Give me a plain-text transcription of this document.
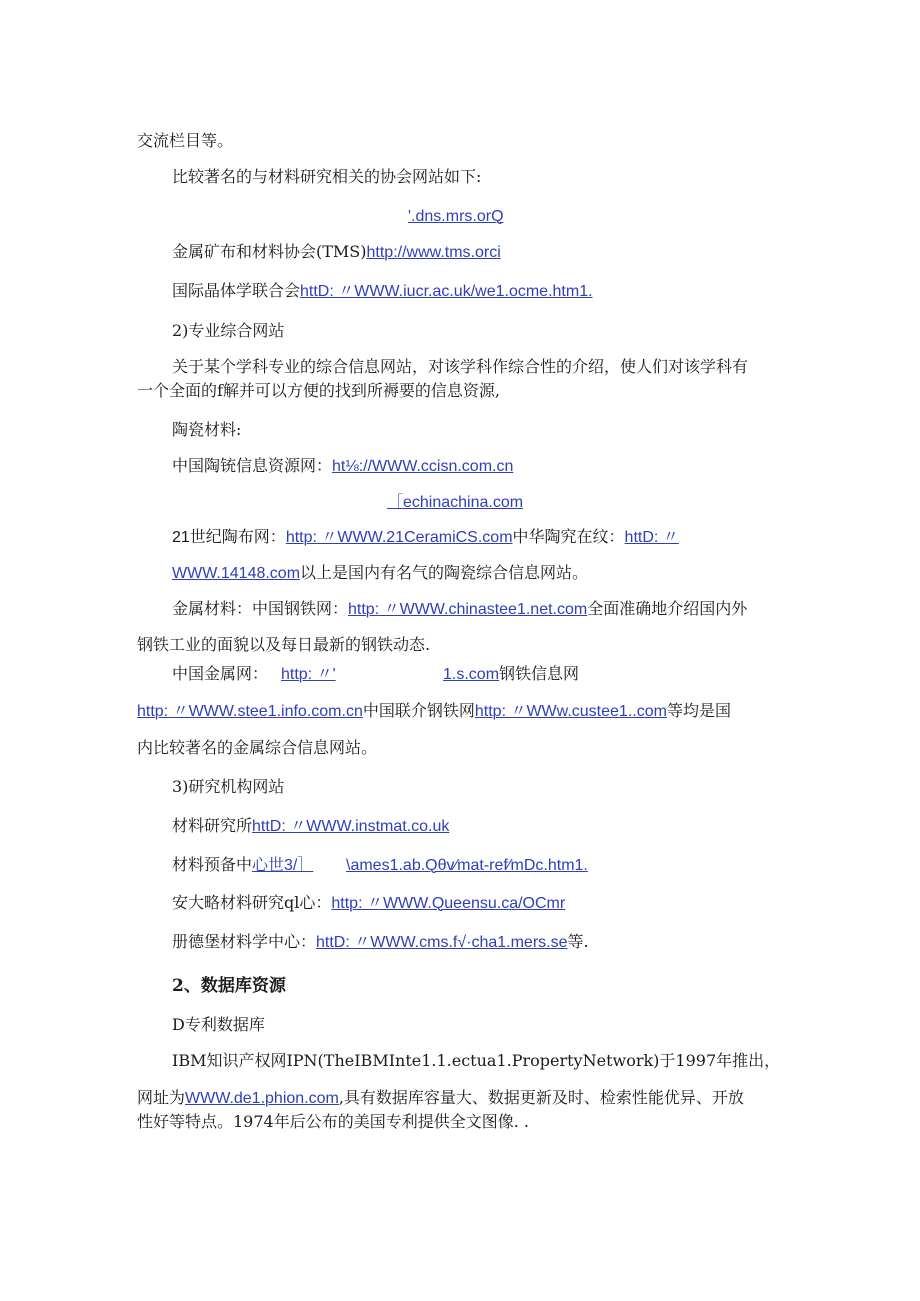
交流栏目等。
比较著名的与材料研究相关的协会网站如下:
'.dns.mrs.orQ
金属矿布和材料协会(TMS)http://www.tms.orci
国际晶体学联合会httD: 〃WWW.iucr.ac.uk/we1.ocme.htm1.
2)专业综合网站
关于某个学科专业的综合信息网站，对该学科作综合性的介绍，使人们对该学科有
一个全面的f解并可以方便的找到所褥要的信息资源,
陶瓷材料:
中国陶铳信息资源网：ht⅛://WWW.ccisn.com.cn
［echinachina.com
21世纪陶布网：http: 〃WWW.21CeramiCS.com中华陶究在纹：httD: 〃
WWW.14148.com以上是国内有名气的陶瓷综合信息网站。
金属材料：中国钢铁网：http: 〃WWW.chinastee1.net.com全面准确地介绍国内外
钢铁工业的面貌以及每日最新的钢铁动态.
中国金属网： http: 〃'	1.s.com钢铁信息网
http: 〃WWW.stee1.info.com.cn中国联介钢铁网http: 〃WWw.custee1..com等均是国
内比较著名的金属综合信息网站。
3)研究机构网站
材料研究所httD: 〃WWW.instmat.co.uk
材料预备中心世3/］ \ames1.ab.Qθv⁄mat-ref⁄mDc.htm1.
安大略材料研究ql心：http: 〃WWW.Queensu.ca/OCmr
册德堡材料学中心：httD: 〃WWW.cms.f√·cha1.mers.se等.
2、数据库资源
D专利数据库
IBM知识产权网IPN(TheIBMInte1.1.ectua1.PropertyNetwork)于1997年推出，
网址为WWW.de1.phion.com,具有数据库容量大、数据更新及时、检索性能优异、开放
性好等特点。1974年后公布的美国专利提供全文图像. .
